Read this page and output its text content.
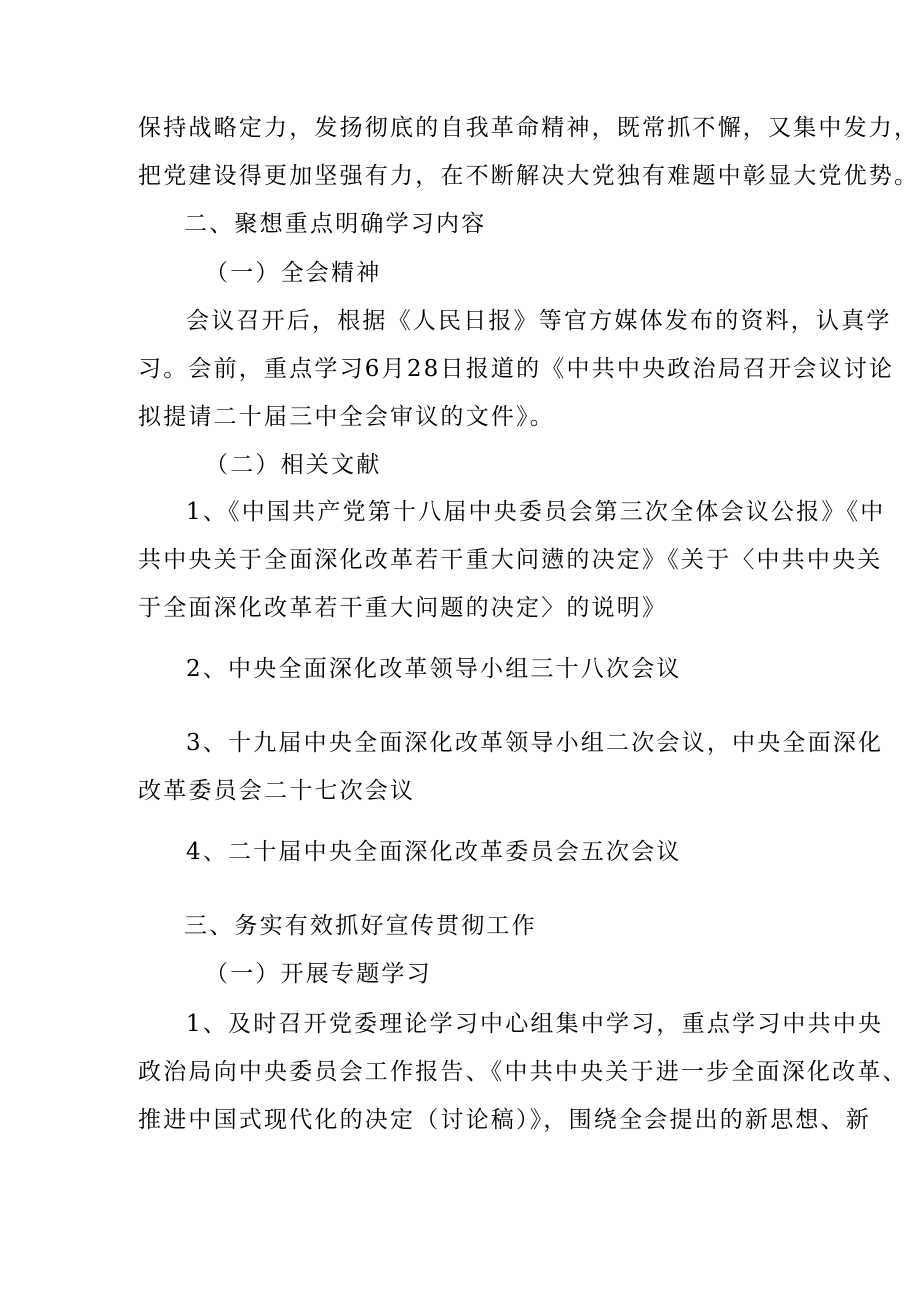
保持战略定力，发扬彻底的自我革命精神，既常抓不懈，又集中发力，
把党建设得更加坚强有力，在不断解决大党独有难题中彰显大党优势。
二、聚想重点明确学习内容
（一）全会精神
会议召开后，根据《人民日报》等官方媒体发布的资料，认真学
习。会前，重点学习6月28日报道的《中共中央政治局召开会议讨论
拟提请二十届三中全会审议的文件》。
（二）相关文献
1、《中国共产党第十八届中央委员会第三次全体会议公报》《中
共中央关于全面深化改革若干重大问懑的决定》《关于〈中共中央关
于全面深化改革若干重大问题的决定〉的说明》
2、中央全面深化改革领导小组三十八次会议
3、十九届中央全面深化改革领导小组二次会议，中央全面深化
改革委员会二十七次会议
4、二十届中央全面深化改革委员会五次会议
三、务实有效抓好宣传贯彻工作
（一）开展专题学习
1、及时召开党委理论学习中心组集中学习，重点学习中共中央
政治局向中央委员会工作报告、《中共中央关于进一步全面深化改革、
推进中国式现代化的决定（讨论稿）》，围绕全会提出的新思想、新
